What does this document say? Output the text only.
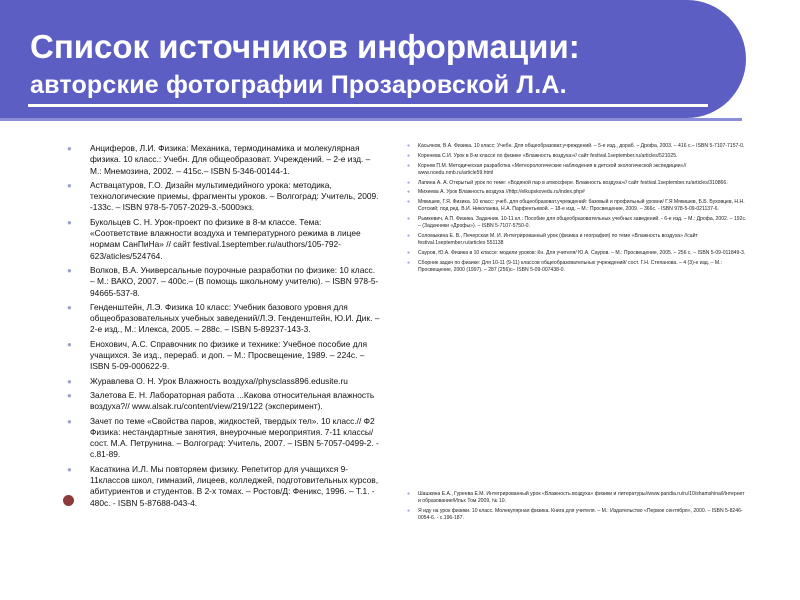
Список источников информации:
авторские фотографии Прозаровской Л.А.
● Анциферов, Л.И. Физика: Механика, термодинамика и молекулярная физика. 10 класс.: Учебн. Для общеобразоват. Учреждений. – 2-е изд. – М.: Мнемозина, 2002. – 415с.– ISBN 5-346-00144-1.
● Аствацатуров, Г.О. Дизайн мультимедийного урока: методика, технологические приемы, фрагменты уроков. – Волгоград: Учитель, 2009. -133с. – ISBN 978-5-7057-2029-3.-5000экз.
● Букольцев С. Н. Урок-проект по физике в 8-м классе. Тема: «Соответствие влажности воздуха и температурного режима в лицее нормам СанПиНа» // сайт festival.1september.ru/authors/105-792-623/aticles/524764.
● Волков, В.А. Универсальные поурочные разработки по физике: 10 класс. – М.: ВАКО, 2007. – 400с.– (В помощь школьному учителю). – ISBN 978-5-94665-537-8.
● Генденштейн, Л.Э. Физика 10 класс: Учебник базового уровня для общеобразовательных учебных заведений/Л.Э. Генденштейн, Ю.И. Дик. – 2-е изд., М.: Илекса, 2005. – 288с. – ISBN 5-89237-143-3.
● Енохович, А.С. Справочник по физике и технике: Учебное пособие для учащихся. 3е изд., перераб. и доп. – М.: Просвещение, 1989. – 224с. – ISBN 5-09-000622-9.
● Журавлева О. Н. Урок Влажность воздуха//physclass896.edusite.ru
● Залетова Е. Н. Лабораторная работа ...Какова относительная влажность воздуха?// www.alsak.ru/content/view/219/122 (эксперимент).
● Зачет по теме «Свойства паров, жидкостей, твердых тел». 10 класс.// Ф2 Физика: нестандартные занятия, внеурочные мероприятия. 7-11 классы/сост. М.А. Петрунина. – Волгоград: Учитель, 2007. – ISBN 5-7057-0499-2. - с.81-89.
● Касаткина И.Л. Мы повторяем физику. Репетитор для учащихся 9-11классов школ, гимназий, лицеев, колледжей, подготовительных курсов, абитуриентов и студентов. В 2-х томах. – Ростов/Д: Феникс, 1996. – Т.1. - 480с. - ISBN 5-87688-043-4.
● Касьянов, В.А. Физика. 10 класс: Учебн. Для общеобразоват.учреждений. – 5-е изд., дораб. – Дрофа, 2003. – 416 с.– ISBN 5-7107-7157-0.
● Коренева С.И. Урок в 8-м классе по физике «Влажность воздуха»// сайт festival.1september.ru/articles/521025.
● Корнев П.М. Методическая разработка «Метеорологические наблюдения в детской экологической экспедиции»// www.noedu.nmb.ru/article59.html
● Лапина А. А. Открытый урок по теме: «Водяной пар в атмосфере. Влажность воздуха»// сайт festival.1september.ru/articles/310866.
● Михеева А. Урок Влажность воздуха //http://elkupskovedu.ru/index.php#
● Мякишев, Г.Я. Физика. 10 класс: учеб. для общеобразоват.учреждений: базовый и профильный уровни/ Г.Я Мякишев, Б.Б. Буховцев, Н.Н. Сотский; под ред. В.И. Николаева, Н.А. Парфентьевой. – 18-е изд. – М.: Просвещение, 2009. – 366с. - ISBN 978-5-09-021137-6.
● Рымкевич, А.П. Физика. Задачник. 10-11 кл.: Пособие для общеобразовательных учебных заведений. - 6-е изд. – М.: Дрофа, 2002. – 192с. – (Задачники «Дрофы»). – ISBN 5-7107-5750-0.
● Соломыкина Е. В., Печерская М. И. Интегрированный урок (физика и география) по теме «Влажность воздуха» //сайт festival.1september.ru/articles 551138
● Сауров, Ю.А. Физика в 10 классе: модели уроков: Кн. Для учителя/ Ю.А. Сауров. – М.: Просвещение, 2005. – 256 с. – ISBN 5-09-011849-3.
● Сборник задач по физике: Для 10-11 (9-11) классов общеобразовательных учреждений/ сост. Г.Н. Степанова. – 4 (3)-е изд. – М.: Просвещение, 2000 (1997). – 287 (256)с– ISBN 5-09-007438-0.
● Шашкина Е.А., Гуреева Е.М. Интегрированный урок «Влажность воздуха» физики и литературы//www.pandia.ru/ru/10/shamshina/Интернет и образование/Ильх Том 2009, № 10.
● Я иду на урок физики. 10 класс. Молекулярная физика. Книга для учителя. – М.: Издательство «Первое сентября», 2000. – ISBN 5-8246-0054-6. - с.196-187.
